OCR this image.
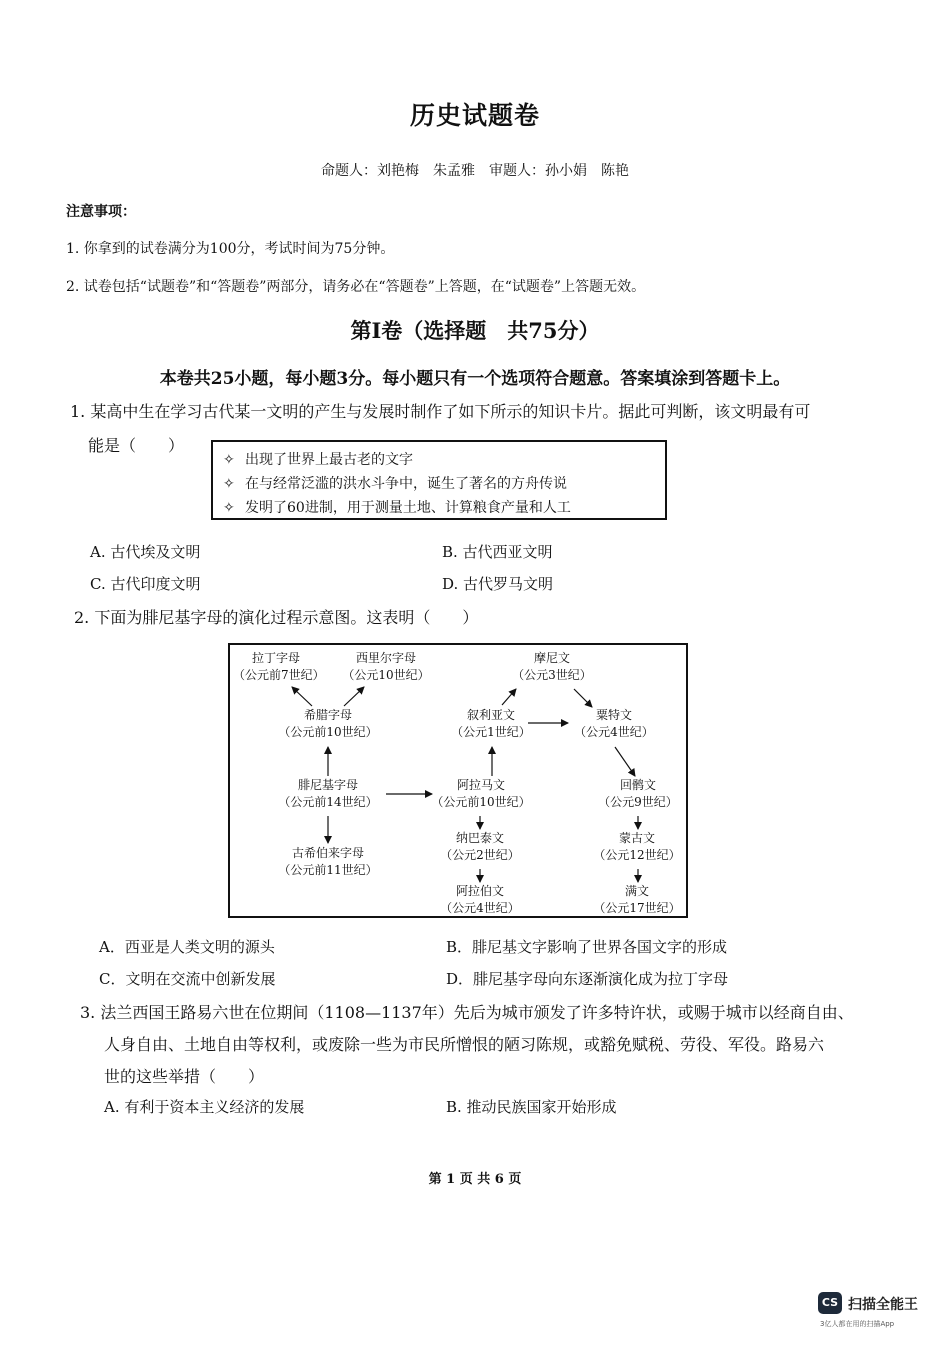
历史试题卷
命题人：刘艳梅　朱孟雅　审题人：孙小娟　陈艳
注意事项：
1. 你拿到的试卷满分为100分，考试时间为75分钟。
2. 试卷包括“试题卷”和“答题卷”两部分，请务必在“答题卷”上答题，在“试题卷”上答题无效。
第Ⅰ卷（选择题　共75分）
本卷共25小题，每小题3分。每小题只有一个选项符合题意。答案填涂到答题卡上。
1. 某高中生在学习古代某一文明的产生与发展时制作了如下所示的知识卡片。据此可判断，该文明最有可
能是（　　）
✧ 出现了世界上最古老的文字
✧ 在与经常泛滥的洪水斗争中，诞生了著名的方舟传说
✧ 发明了60进制，用于测量土地、计算粮食产量和人工
A. 古代埃及文明	B. 古代西亚文明
C. 古代印度文明	D. 古代罗马文明
2. 下面为腓尼基字母的演化过程示意图。这表明（　　）
拉丁字母
（公元前7世纪）
西里尔字母
（公元10世纪）
希腊字母
（公元前10世纪）
腓尼基字母
（公元前14世纪）
古希伯来字母
（公元前11世纪）
摩尼文
（公元3世纪）
叙利亚文
（公元1世纪）
粟特文
（公元4世纪）
阿拉马文
（公元前10世纪）
回鹘文
（公元9世纪）
纳巴泰文
（公元2世纪）
蒙古文
（公元12世纪）
阿拉伯文
（公元4世纪）
满文
（公元17世纪）
A．西亚是人类文明的源头	B．腓尼基文字影响了世界各国文字的形成
C．文明在交流中创新发展	D．腓尼基字母向东逐渐演化成为拉丁字母
3. 法兰西国王路易六世在位期间（1108—1137年）先后为城市颁发了许多特许状，或赐于城市以经商自由、
人身自由、土地自由等权利，或废除一些为市民所憎恨的陋习陈规，或豁免赋税、劳役、军役。路易六
世的这些举措（　　）
A. 有利于资本主义经济的发展	B. 推动民族国家开始形成
第 1 页 共 6 页
CS 扫描全能王
3亿人都在用的扫描App
